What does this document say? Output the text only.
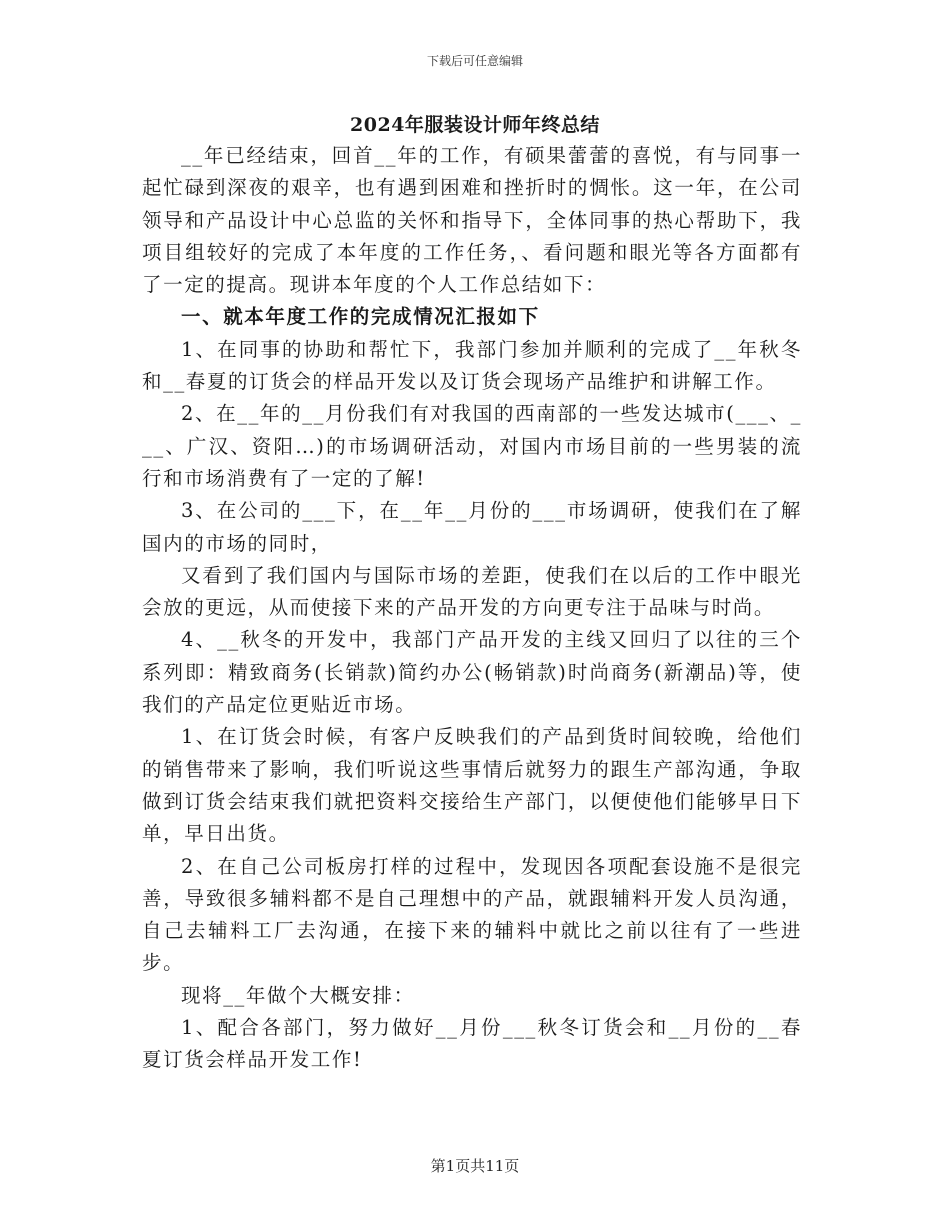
下载后可任意编辑
2024年服装设计师年终总结

__年已经结束，回首__年的工作，有硕果蕾蕾的喜悦，有与同事一起忙碌到深夜的艰辛，也有遇到困难和挫折时的惆怅。这一年，在公司领导和产品设计中心总监的关怀和指导下，全体同事的热心帮助下，我项目组较好的完成了本年度的工作任务，、看问题和眼光等各方面都有了一定的提高。现讲本年度的个人工作总结如下：

一、就本年度工作的完成情况汇报如下

1、在同事的协助和帮忙下，我部门参加并顺利的完成了__年秋冬和__春夏的订货会的样品开发以及订货会现场产品维护和讲解工作。

2、在__年的__月份我们有对我国的西南部的一些发达城市(___、___、广汉、资阳…)的市场调研活动，对国内市场目前的一些男装的流行和市场消费有了一定的了解!

3、在公司的___下，在__年__月份的___市场调研，使我们在了解国内的市场的同时，

又看到了我们国内与国际市场的差距，使我们在以后的工作中眼光会放的更远，从而使接下来的产品开发的方向更专注于品味与时尚。

4、__秋冬的开发中，我部门产品开发的主线又回归了以往的三个系列即：精致商务(长销款)简约办公(畅销款)时尚商务(新潮品)等，使我们的产品定位更贴近市场。

1、在订货会时候，有客户反映我们的产品到货时间较晚，给他们的销售带来了影响，我们听说这些事情后就努力的跟生产部沟通，争取做到订货会结束我们就把资料交接给生产部门，以便使他们能够早日下单，早日出货。

2、在自己公司板房打样的过程中，发现因各项配套设施不是很完善，导致很多辅料都不是自己理想中的产品，就跟辅料开发人员沟通，自己去辅料工厂去沟通，在接下来的辅料中就比之前以往有了一些进步。

现将__年做个大概安排：

1、配合各部门，努力做好__月份___秋冬订货会和__月份的__春夏订货会样品开发工作!

第1页共11页
